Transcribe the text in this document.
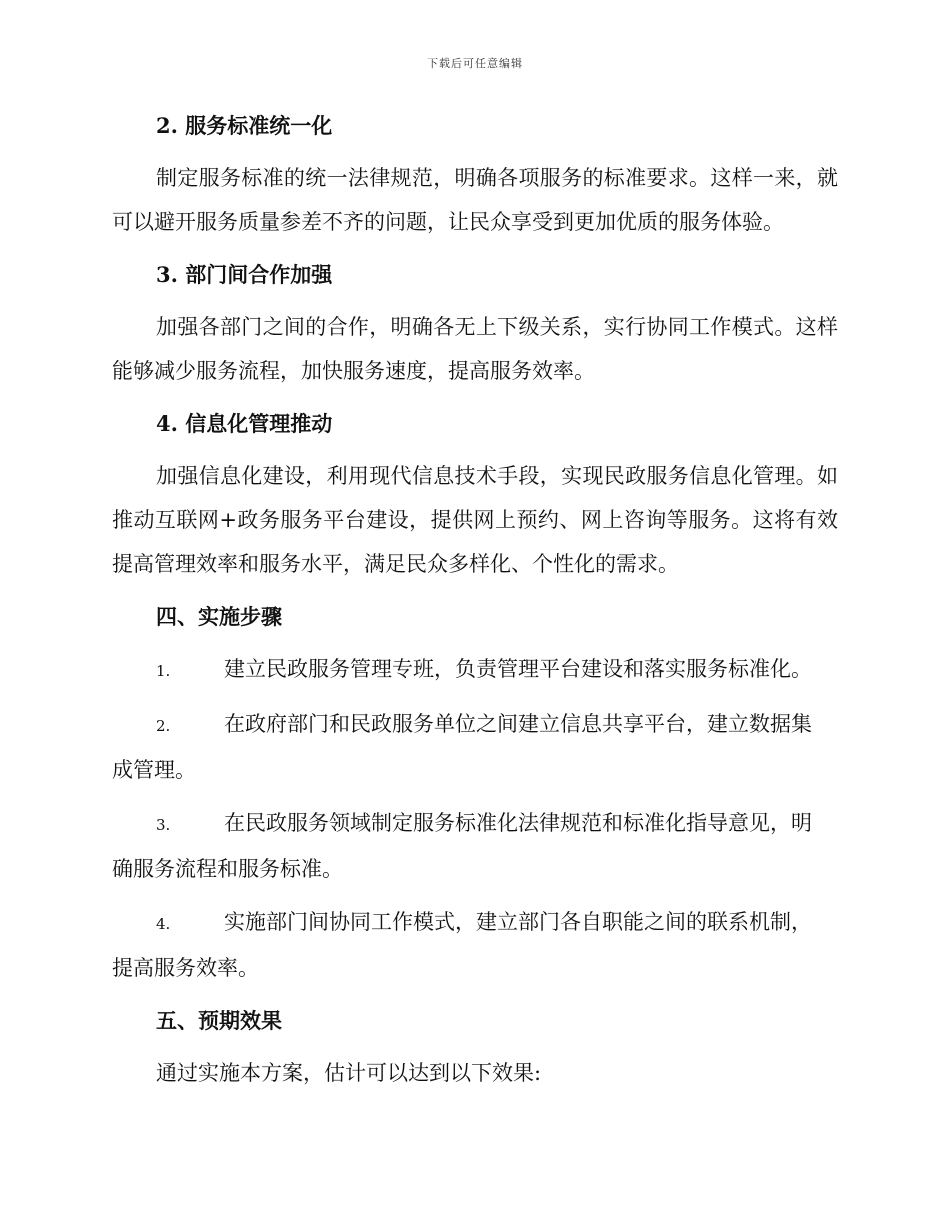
下载后可任意编辑
2. 服务标准统一化

制定服务标准的统一法律规范，明确各项服务的标准要求。这样一来，就可以避开服务质量参差不齐的问题，让民众享受到更加优质的服务体验。

3. 部门间合作加强

加强各部门之间的合作，明确各无上下级关系，实行协同工作模式。这样能够减少服务流程，加快服务速度，提高服务效率。

4. 信息化管理推动

加强信息化建设，利用现代信息技术手段，实现民政服务信息化管理。如推动互联网+政务服务平台建设，提供网上预约、网上咨询等服务。这将有效提高管理效率和服务水平，满足民众多样化、个性化的需求。

四、实施步骤
1.	建立民政服务管理专班，负责管理平台建设和落实服务标准化。
2.	在政府部门和民政服务单位之间建立信息共享平台，建立数据集
成管理。
3.	在民政服务领域制定服务标准化法律规范和标准化指导意见，明
确服务流程和服务标准。
4.	实施部门间协同工作模式，建立部门各自职能之间的联系机制，
提高服务效率。
五、预期效果

通过实施本方案，估计可以达到以下效果:
